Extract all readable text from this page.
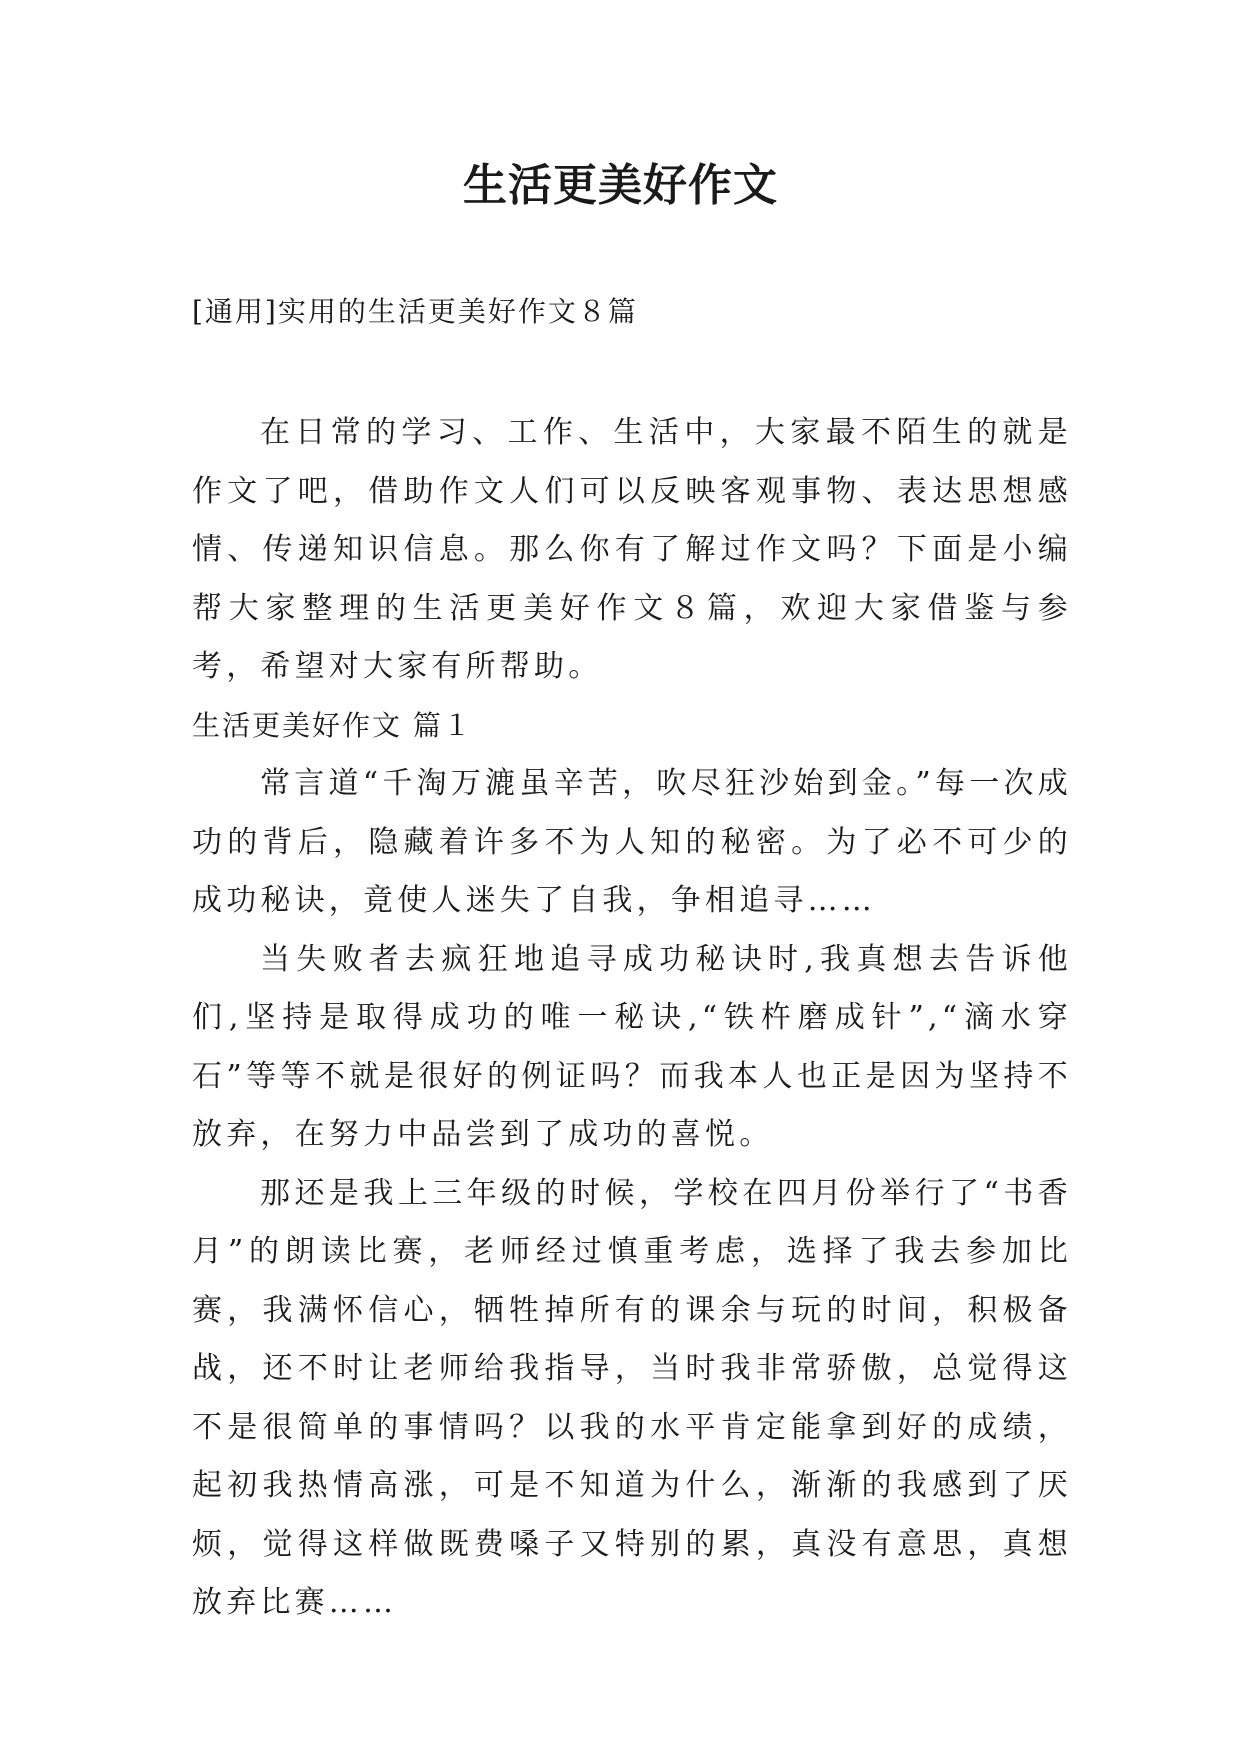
生活更美好作文

[通用]实用的生活更美好作文８篇

在日常的学习、工作、生活中，大家最不陌生的就是作文了吧，借助作文人们可以反映客观事物、表达思想感情、传递知识信息。那么你有了解过作文吗？下面是小编帮大家整理的生活更美好作文８篇，欢迎大家借鉴与参考，希望对大家有所帮助。

生活更美好作文 篇１

常言道“千淘万漉虽辛苦，吹尽狂沙始到金。”每一次成功的背后，隐藏着许多不为人知的秘密。为了必不可少的成功秘诀，竟使人迷失了自我，争相追寻……

当失败者去疯狂地追寻成功秘诀时,我真想去告诉他们,坚持是取得成功的唯一秘诀,“铁杵磨成针”,“滴水穿石”等等不就是很好的例证吗？而我本人也正是因为坚持不放弃，在努力中品尝到了成功的喜悦。

那还是我上三年级的时候，学校在四月份举行了“书香月”的朗读比赛，老师经过慎重考虑，选择了我去参加比赛，我满怀信心，牺牲掉所有的课余与玩的时间，积极备战，还不时让老师给我指导，当时我非常骄傲，总觉得这不是很简单的事情吗？以我的水平肯定能拿到好的成绩，起初我热情高涨，可是不知道为什么，渐渐的我感到了厌烦，觉得这样做既费嗓子又特别的累，真没有意思，真想放弃比赛……
